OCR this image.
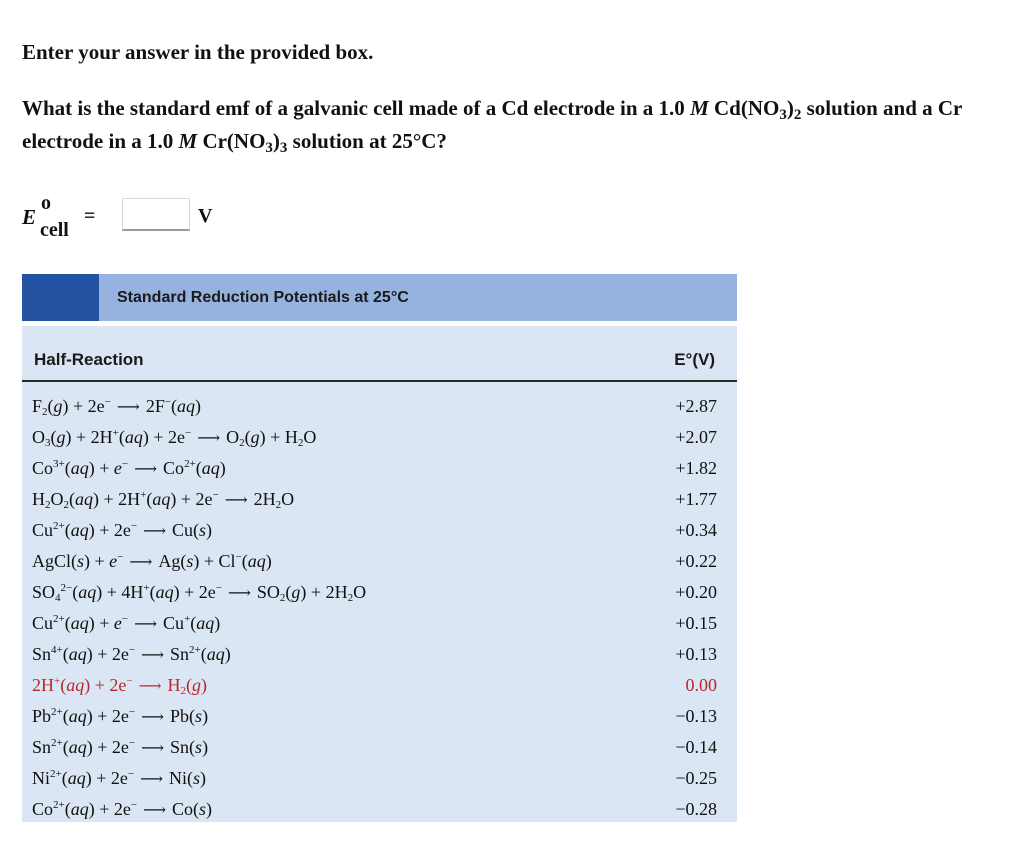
Enter your answer in the provided box.

What is the standard emf of a galvanic cell made of a Cd electrode in a 1.0 M $Cd(NO_3)_2$ solution and a Cr electrode in a 1.0 M $Cr(NO_3)_3$ solution at 25°C?

E
o
cell
=	V
Standard Reduction Potentials at 25°C
Half-Reaction	E°(V)
$F_2(g) + 2e^-$ ⟶ 2F−(aq)	+2.87
$O_3(g) + 2H^+(aq) + 2e^-$ ⟶ $O_2(g) + H_2O$	+2.07
$Co^{3+}(aq) + e^-$ ⟶ $Co^{2+}(aq)$	+1.82
$H_2O_2(aq) + 2H^+(aq) + 2e^-$ ⟶ $2H_2O$	+1.77
$Cu^{2+}(aq) + 2e^-$ ⟶ Cu(s)	+0.34
AgCl(s) + e− ⟶ Ag(s) + Cl−(aq)	+0.22
$SO_4^{2-}(aq) + 4H^+(aq) + 2e^-$ ⟶ $SO_2(g) + 2H_2O$	+0.20
$Cu^{2+}(aq) + e^-$ ⟶ Cu+(aq)	+0.15
$Sn^{4+}(aq) + 2e^-$ ⟶ $Sn^{2+}(aq)$	+0.13
2H+(aq) + 2e− ⟶ $H_2(g)$	0.00
$Pb^{2+}(aq) + 2e^-$ ⟶ Pb(s)	−0.13
$Sn^{2+}(aq) + 2e^-$ ⟶ Sn(s)	−0.14
$Ni^{2+}(aq) + 2e^-$ ⟶ Ni(s)	−0.25
$Co^{2+}(aq) + 2e^-$ ⟶ Co(s)	−0.28
